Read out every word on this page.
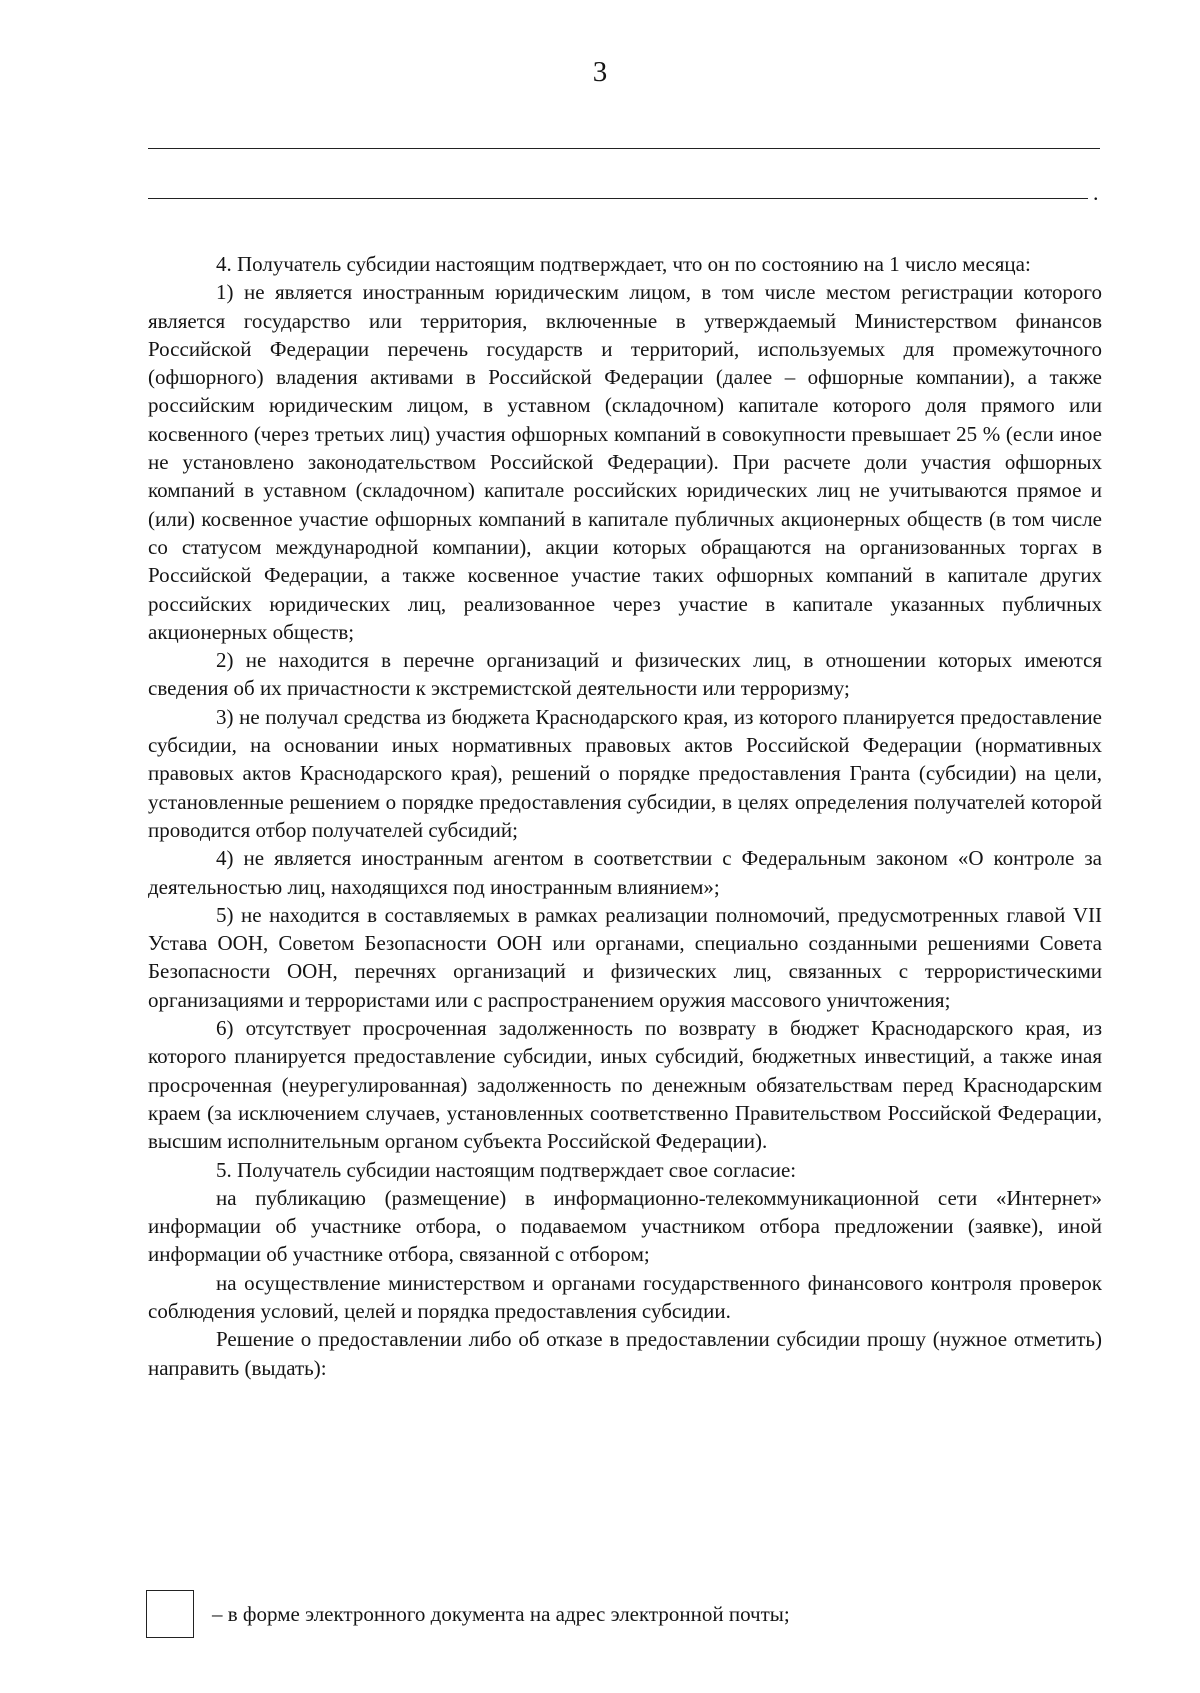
3
.

4. Получатель субсидии настоящим подтверждает, что он по состоянию на 1 число месяца:

1) не является иностранным юридическим лицом, в том числе местом регистрации которого является государство или территория, включенные в утверждаемый Министерством финансов Российской Федерации перечень государств и территорий, используемых для промежуточного (офшорного) владения активами в Российской Федерации (далее – офшорные компании), а также российским юридическим лицом, в уставном (складочном) капитале которого доля прямого или косвенного (через третьих лиц) участия офшорных компаний в совокупности превышает 25 % (если иное не установлено законодательством Российской Федерации). При расчете доли участия офшорных компаний в уставном (складочном) капитале российских юридических лиц не учитываются прямое и (или) косвенное участие офшорных компаний в капитале публичных акционерных обществ (в том числе со статусом международной компании), акции которых обращаются на организованных торгах в Российской Федерации, а также косвенное участие таких офшорных компаний в капитале других российских юридических лиц, реализованное через участие в капитале указанных публичных акционерных обществ;

2) не находится в перечне организаций и физических лиц, в отношении которых имеются сведения об их причастности к экстремистской деятельности или терроризму;

3) не получал средства из бюджета Краснодарского края, из которого планируется предоставление субсидии, на основании иных нормативных правовых актов Российской Федерации (нормативных правовых актов Краснодарского края), решений о порядке предоставления Гранта (субсидии) на цели, установленные решением о порядке предоставления субсидии, в целях определения получателей которой проводится отбор получателей субсидий;

4) не является иностранным агентом в соответствии с Федеральным законом «О контроле за деятельностью лиц, находящихся под иностранным влиянием»;

5) не находится в составляемых в рамках реализации полномочий, предусмотренных главой VII Устава ООН, Советом Безопасности ООН или органами, специально созданными решениями Совета Безопасности ООН, перечнях организаций и физических лиц, связанных с террористическими организациями и террористами или с распространением оружия массового уничтожения;

6) отсутствует просроченная задолженность по возврату в бюджет Краснодарского края, из которого планируется предоставление субсидии, иных субсидий, бюджетных инвестиций, а также иная просроченная (неурегулированная) задолженность по денежным обязательствам перед Краснодарским краем (за исключением случаев, установленных соответственно Правительством Российской Федерации, высшим исполнительным органом субъекта Российской Федерации).

5. Получатель субсидии настоящим подтверждает свое согласие:

на публикацию (размещение) в информационно-телекоммуникационной сети «Интернет» информации об участнике отбора, о подаваемом участником отбора предложении (заявке), иной информации об участнике отбора, связанной с отбором;

на осуществление министерством и органами государственного финансового контроля проверок соблюдения условий, целей и порядка предоставления субсидии.

Решение о предоставлении либо об отказе в предоставлении субсидии прошу (нужное отметить) направить (выдать):

– в форме электронного документа на адрес электронной почты;
